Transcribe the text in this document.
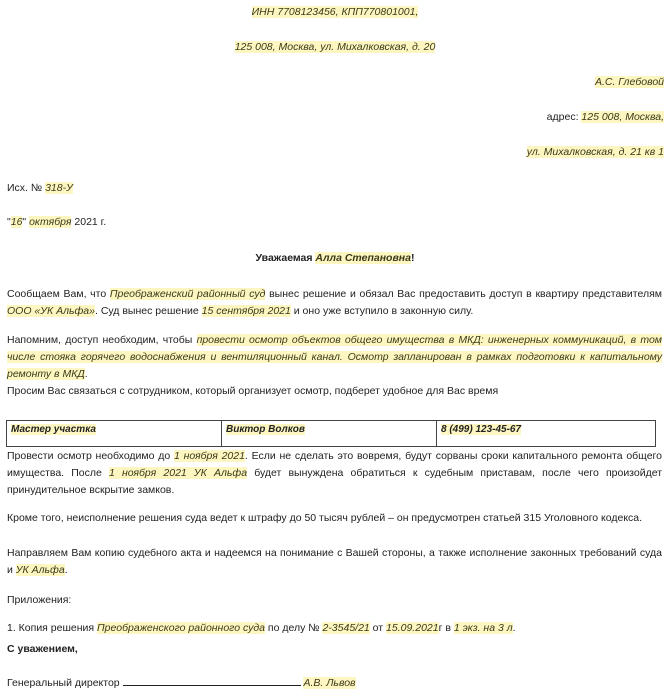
ИНН 7708123456, КПП770801001,
125 008, Москва, ул. Михалковская, д. 20
А.С. Глебовой
адрес: 125 008, Москва,
ул. Михалковская, д. 21 кв 1
Исх. № 318-У
"16" октября 2021 г.
Уважаемая Алла Степановна!
Сообщаем Вам, что Преображенский районный суд вынес решение и обязал Вас предоставить доступ в квартиру представителям ООО «УК Альфа». Суд вынес решение 15 сентября 2021 и оно уже вступило в законную силу.
Напомним, доступ необходим, чтобы провести осмотр объектов общего имущества в МКД: инженерных коммуникаций, в том числе стояка горячего водоснабжения и вентиляционный канал. Осмотр запланирован в рамках подготовки к капитальному ремонту в МКД.
Просим Вас связаться с сотрудником, который организует осмотр, подберет удобное для Вас время
Мастер участка	Виктор Волков	8 (499) 123-45-67
Провести осмотр необходимо до 1 ноября 2021. Если не сделать это вовремя, будут сорваны сроки капитального ремонта общего имущества. После 1 ноября 2021 УК Альфа будет вынуждена обратиться к судебным приставам, после чего произойдет принудительное вскрытие замков.
Кроме того, неисполнение решения суда ведет к штрафу до 50 тысяч рублей – он предусмотрен статьей 315 Уголовного кодекса.
Направляем Вам копию судебного акта и надеемся на понимание с Вашей стороны, а также исполнение законных требований суда и УК Альфа.
Приложения:
1. Копия решения Преображенского районного суда по делу № 2-3545/21 от 15.09.2021г в 1 экз. на 3 л.
С уважением,
Генеральный директор	А.В. Львов
